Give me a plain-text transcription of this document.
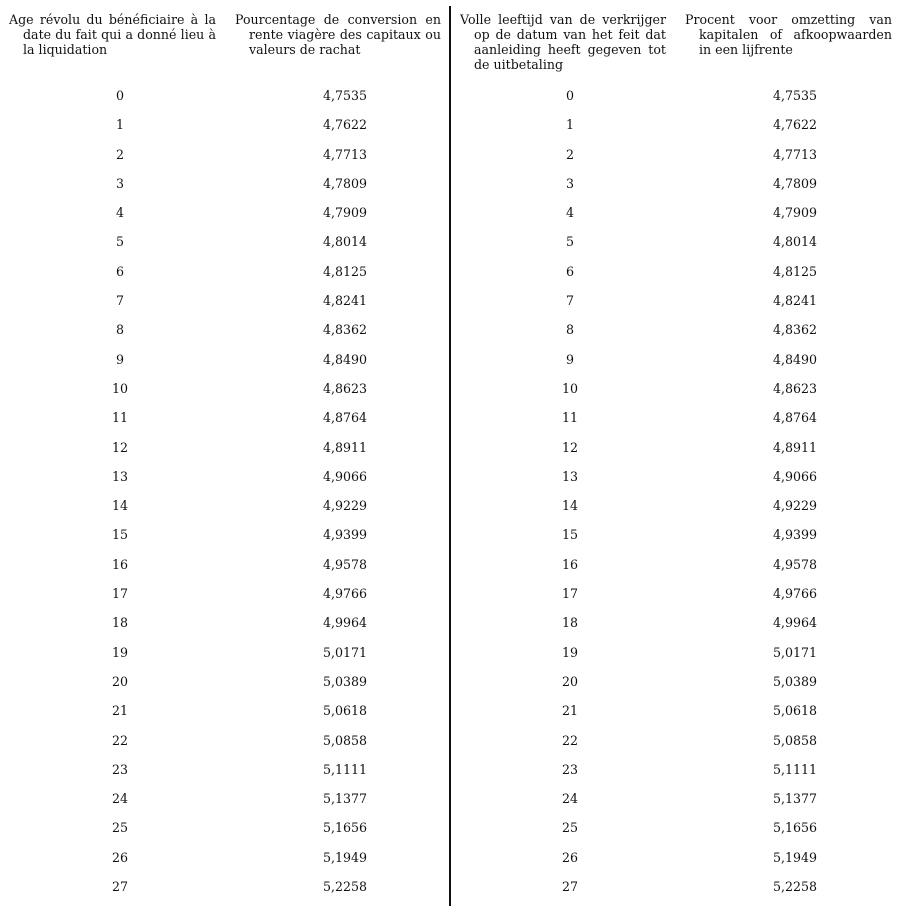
Age révolu du bénéficiaire à la date du fait qui a donné lieu à la liquidation
Pourcentage de conversion en rente viagère des capitaux ou valeurs de rachat
0	4,7535
1	4,7622
2	4,7713
3	4,7809
4	4,7909
5	4,8014
6	4,8125
7	4,8241
8	4,8362
9	4,8490
10	4,8623
11	4,8764
12	4,8911
13	4,9066
14	4,9229
15	4,9399
16	4,9578
17	4,9766
18	4,9964
19	5,0171
20	5,0389
21	5,0618
22	5,0858
23	5,1111
24	5,1377
25	5,1656
26	5,1949
27	5,2258
Volle leeftijd van de verkrijger op de datum van het feit dat aanleiding heeft gegeven tot de uitbetaling
Procent voor omzetting van kapitalen of afkoopwaarden in een lijfrente
0	4,7535
1	4,7622
2	4,7713
3	4,7809
4	4,7909
5	4,8014
6	4,8125
7	4,8241
8	4,8362
9	4,8490
10	4,8623
11	4,8764
12	4,8911
13	4,9066
14	4,9229
15	4,9399
16	4,9578
17	4,9766
18	4,9964
19	5,0171
20	5,0389
21	5,0618
22	5,0858
23	5,1111
24	5,1377
25	5,1656
26	5,1949
27	5,2258
